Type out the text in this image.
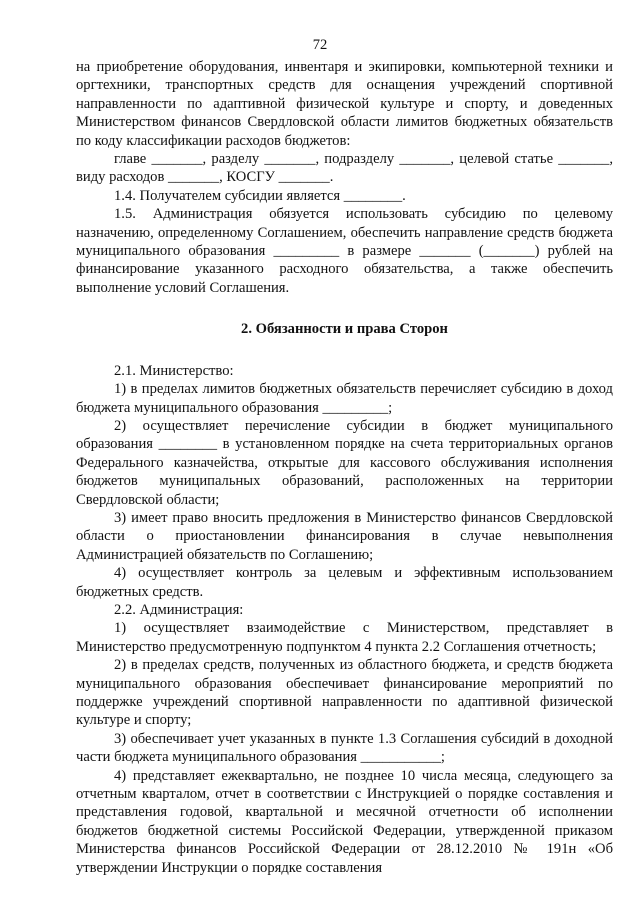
72

на приобретение оборудования, инвентаря и экипировки, компьютерной техники и оргтехники, транспортных средств для оснащения учреждений спортивной направленности по адаптивной физической культуре и спорту, и доведенных Министерством финансов Свердловской области лимитов бюджетных обязательств по коду классификации расходов бюджетов:

главе _______, разделу _______, подразделу _______, целевой статье _______, виду расходов _______, КОСГУ _______.

1.4. Получателем субсидии является ________.

1.5. Администрация обязуется использовать субсидию по целевому назначению, определенному Соглашением, обеспечить направление средств бюджета муниципального образования _________ в размере _______ (_______) рублей на финансирование указанного расходного обязательства, а также обеспечить выполнение условий Соглашения.

2. Обязанности и права Сторон

2.1. Министерство:

1) в пределах лимитов бюджетных обязательств перечисляет субсидию в доход бюджета муниципального образования _________;

2) осуществляет перечисление субсидии в бюджет муниципального образования ________ в установленном порядке на счета территориальных органов Федерального казначейства, открытые для кассового обслуживания исполнения бюджетов муниципальных образований, расположенных на территории Свердловской области;

3) имеет право вносить предложения в Министерство финансов Свердловской области о приостановлении финансирования в случае невыполнения Администрацией обязательств по Соглашению;

4) осуществляет контроль за целевым и эффективным использованием бюджетных средств.

2.2. Администрация:

1) осуществляет взаимодействие с Министерством, представляет в Министерство предусмотренную подпунктом 4 пункта 2.2 Соглашения отчетность;

2) в пределах средств, полученных из областного бюджета, и средств бюджета муниципального образования обеспечивает финансирование мероприятий по поддержке учреждений спортивной направленности по адаптивной физической культуре и спорту;

3) обеспечивает учет указанных в пункте 1.3 Соглашения субсидий в доходной части бюджета муниципального образования ___________;

4) представляет ежеквартально, не позднее 10 числа месяца, следующего за отчетным кварталом, отчет в соответствии с Инструкцией о порядке составления и представления годовой, квартальной и месячной отчетности об исполнении бюджетов бюджетной системы Российской Федерации, утвержденной приказом Министерства финансов Российской Федерации от 28.12.2010 № 191н «Об утверждении Инструкции о порядке составления
